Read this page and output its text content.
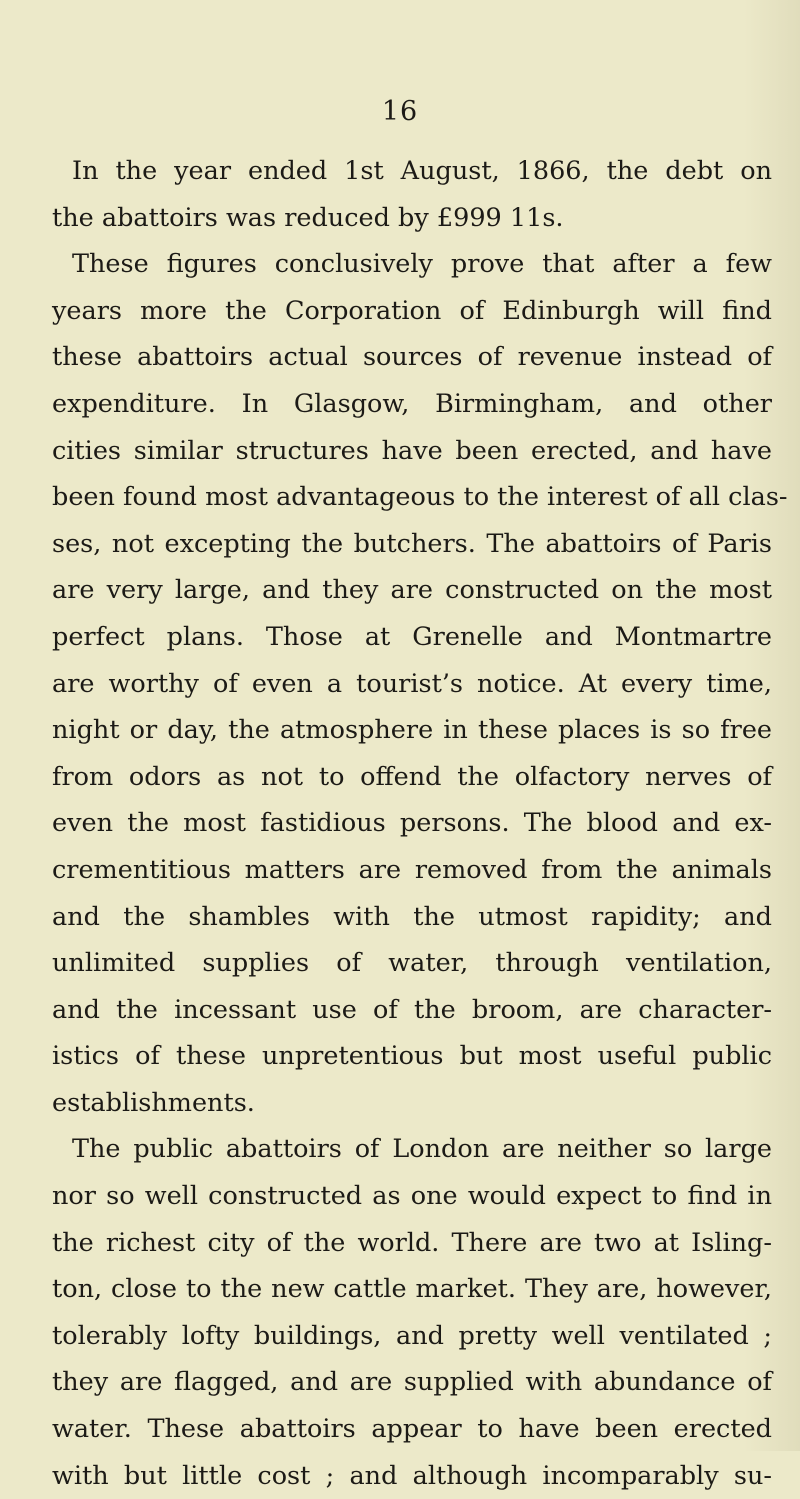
16
In the year ended 1st August, 1866, the debt on
the abattoirs was reduced by £999 11s.
These figures conclusively prove that after a few
years more the Corporation of Edinburgh will find
these abattoirs actual sources of revenue instead of
expenditure. In Glasgow, Birmingham, and other
cities similar structures have been erected, and have
been found most advantageous to the interest of all clas-
ses, not excepting the butchers. The abattoirs of Paris
are very large, and they are constructed on the most
perfect plans. Those at Grenelle and Montmartre
are worthy of even a tourist’s notice. At every time,
night or day, the atmosphere in these places is so free
from odors as not to offend the olfactory nerves of
even the most fastidious persons. The blood and ex-
crementitious matters are removed from the animals
and the shambles with the utmost rapidity; and
unlimited supplies of water, through ventilation,
and the incessant use of the broom, are character-
istics of these unpretentious but most useful public
establishments.
The public abattoirs of London are neither so large
nor so well constructed as one would expect to find in
the richest city of the world. There are two at Isling-
ton, close to the new cattle market. They are, however,
tolerably lofty buildings, and pretty well ventilated ;
they are flagged, and are supplied with abundance of
water. These abattoirs appear to have been erected
with but little cost ; and although incomparably su-
